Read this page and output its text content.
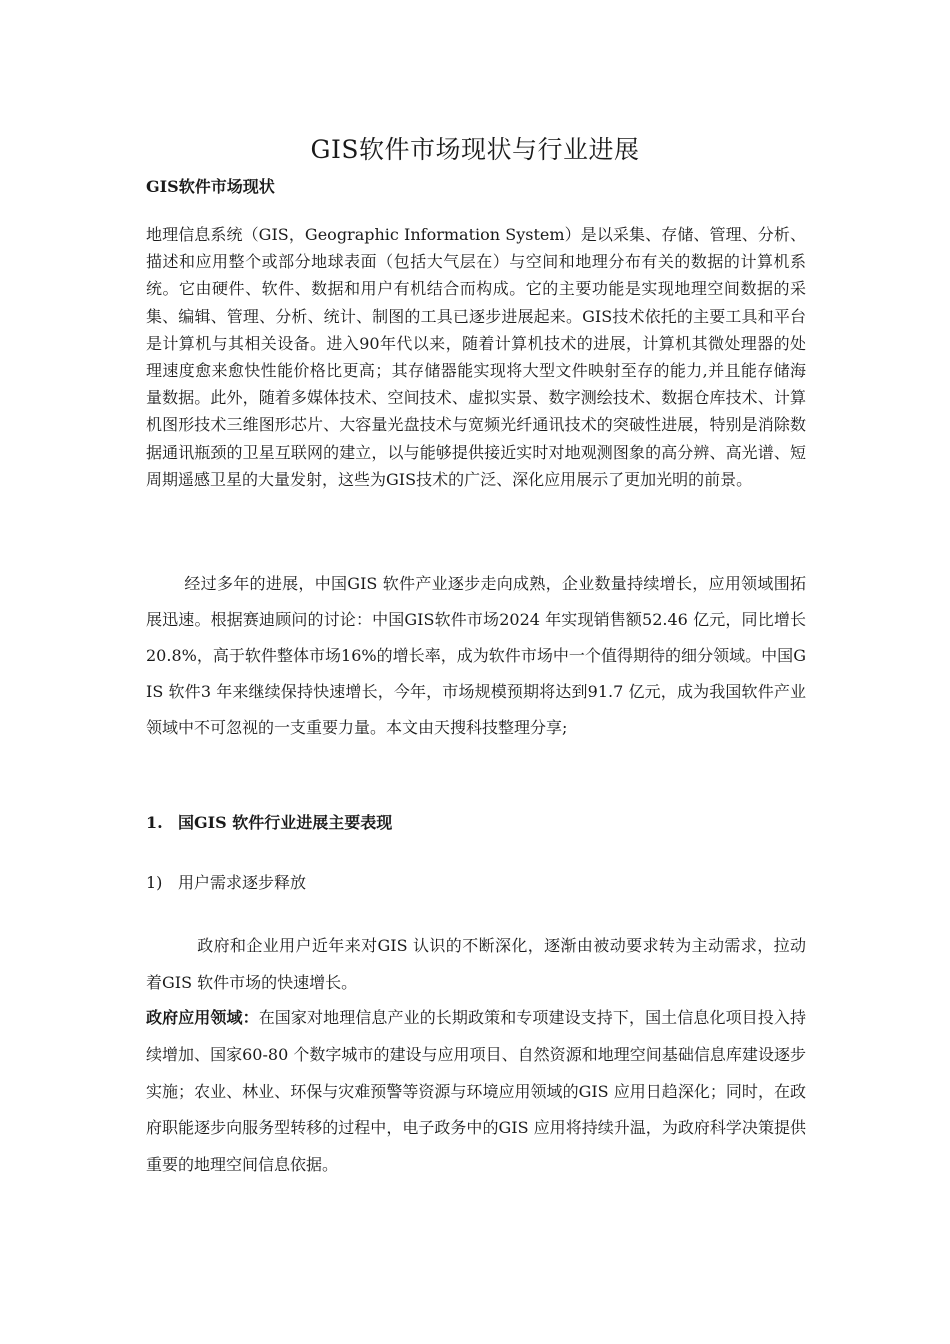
GIS软件市场现状与行业进展
GIS软件市场现状

地理信息系统（GIS，Geographic Information System）是以采集、存储、管理、分析、描述和应用整个或部分地球表面（包括大气层在）与空间和地理分布有关的数据的计算机系统。它由硬件、软件、数据和用户有机结合而构成。它的主要功能是实现地理空间数据的采集、编辑、管理、分析、统计、制图的工具已逐步进展起来。GIS技术依托的主要工具和平台是计算机与其相关设备。进入90年代以来，随着计算机技术的进展，计算机其微处理器的处理速度愈来愈快性能价格比更高；其存储器能实现将大型文件映射至存的能力,并且能存储海量数据。此外，随着多媒体技术、空间技术、虚拟实景、数字测绘技术、数据仓库技术、计算机图形技术三维图形芯片、大容量光盘技术与宽频光纤通讯技术的突破性进展，特别是消除数据通讯瓶颈的卫星互联网的建立，以与能够提供接近实时对地观测图象的高分辨、高光谱、短周期遥感卫星的大量发射，这些为GIS技术的广泛、深化应用展示了更加光明的前景。

经过多年的进展，中国GIS 软件产业逐步走向成熟，企业数量持续增长，应用领域围拓展迅速。根据赛迪顾问的讨论：中国GIS软件市场2024 年实现销售额52.46 亿元，同比增长20.8%，高于软件整体市场16%的增长率，成为软件市场中一个值得期待的细分领域。中国GIS 软件3 年来继续保持快速增长，今年，市场规模预期将达到91.7 亿元，成为我国软件产业领域中不可忽视的一支重要力量。本文由天搜科技整理分享;

1. 国GIS 软件行业进展主要表现
1) 用户需求逐步释放

政府和企业用户近年来对GIS 认识的不断深化，逐渐由被动要求转为主动需求，拉动着GIS 软件市场的快速增长。

政府应用领域：在国家对地理信息产业的长期政策和专项建设支持下，国土信息化项目投入持续增加、国家60-80 个数字城市的建设与应用项目、自然资源和地理空间基础信息库建设逐步实施；农业、林业、环保与灾难预警等资源与环境应用领域的GIS 应用日趋深化；同时，在政府职能逐步向服务型转移的过程中，电子政务中的GIS 应用将持续升温，为政府科学决策提供重要的地理空间信息依据。
